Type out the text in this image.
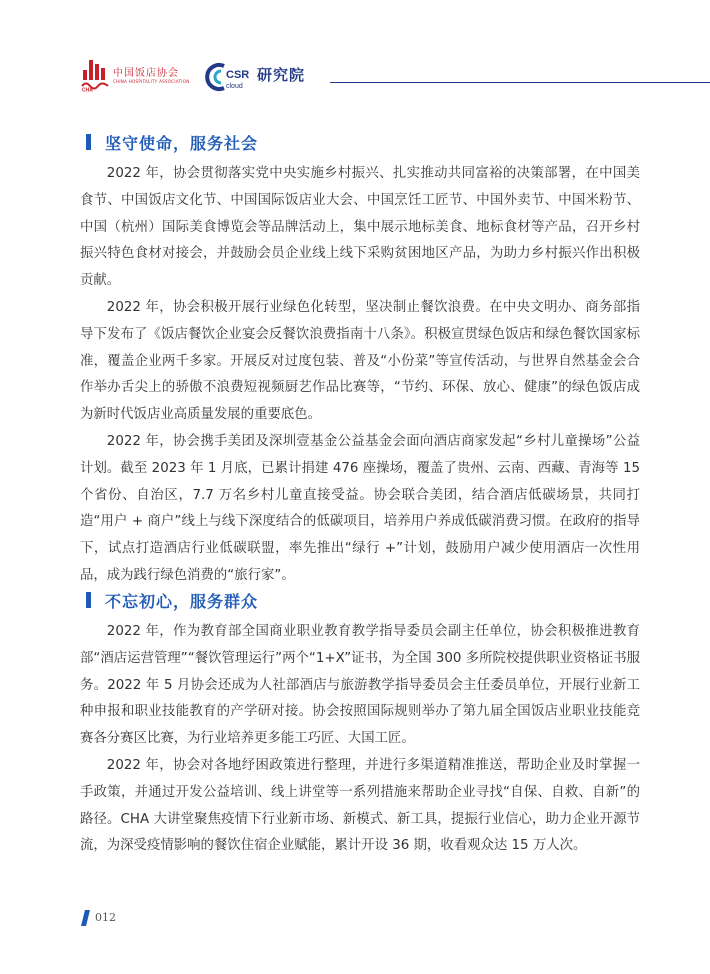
CHA
中国饭店协会
CHINA HOSPITALITY ASSOCIATION
CSR
cloud
研究院
坚守使命，服务社会

2022 年，协会贯彻落实党中央实施乡村振兴、扎实推动共同富裕的决策部署，在中国美食节、中国饭店文化节、中国国际饭店业大会、中国烹饪工匠节、中国外卖节、中国米粉节、中国（杭州）国际美食博览会等品牌活动上，集中展示地标美食、地标食材等产品，召开乡村振兴特色食材对接会，并鼓励会员企业线上线下采购贫困地区产品，为助力乡村振兴作出积极贡献。

2022 年，协会积极开展行业绿色化转型，坚决制止餐饮浪费。在中央文明办、商务部指导下发布了《饭店餐饮企业宴会反餐饮浪费指南十八条》。积极宣贯绿色饭店和绿色餐饮国家标准，覆盖企业两千多家。开展反对过度包装、普及“小份菜”等宣传活动，与世界自然基金会合作举办舌尖上的骄傲不浪费短视频厨艺作品比赛等，“节约、环保、放心、健康”的绿色饭店成为新时代饭店业高质量发展的重要底色。

2022 年，协会携手美团及深圳壹基金公益基金会面向酒店商家发起“乡村儿童操场”公益计划。截至 2023 年 1 月底，已累计捐建 476 座操场，覆盖了贵州、云南、西藏、青海等 15 个省份、自治区，7.7 万名乡村儿童直接受益。协会联合美团，结合酒店低碳场景，共同打造“用户 + 商户”线上与线下深度结合的低碳项目，培养用户养成低碳消费习惯。在政府的指导下，试点打造酒店行业低碳联盟，率先推出“绿行 +”计划，鼓励用户减少使用酒店一次性用品，成为践行绿色消费的“旅行家”。

不忘初心，服务群众

2022 年，作为教育部全国商业职业教育教学指导委员会副主任单位，协会积极推进教育部“酒店运营管理”“餐饮管理运行”两个“1+X”证书，为全国 300 多所院校提供职业资格证书服务。2022 年 5 月协会还成为人社部酒店与旅游教学指导委员会主任委员单位，开展行业新工种申报和职业技能教育的产学研对接。协会按照国际规则举办了第九届全国饭店业职业技能竞赛各分赛区比赛，为行业培养更多能工巧匠、大国工匠。

2022 年，协会对各地纾困政策进行整理，并进行多渠道精准推送，帮助企业及时掌握一手政策，并通过开发公益培训、线上讲堂等一系列措施来帮助企业寻找“自保、自救、自新”的路径。CHA 大讲堂聚焦疫情下行业新市场、新模式、新工具，提振行业信心，助力企业开源节流，为深受疫情影响的餐饮住宿企业赋能，累计开设 36 期，收看观众达 15 万人次。

012
